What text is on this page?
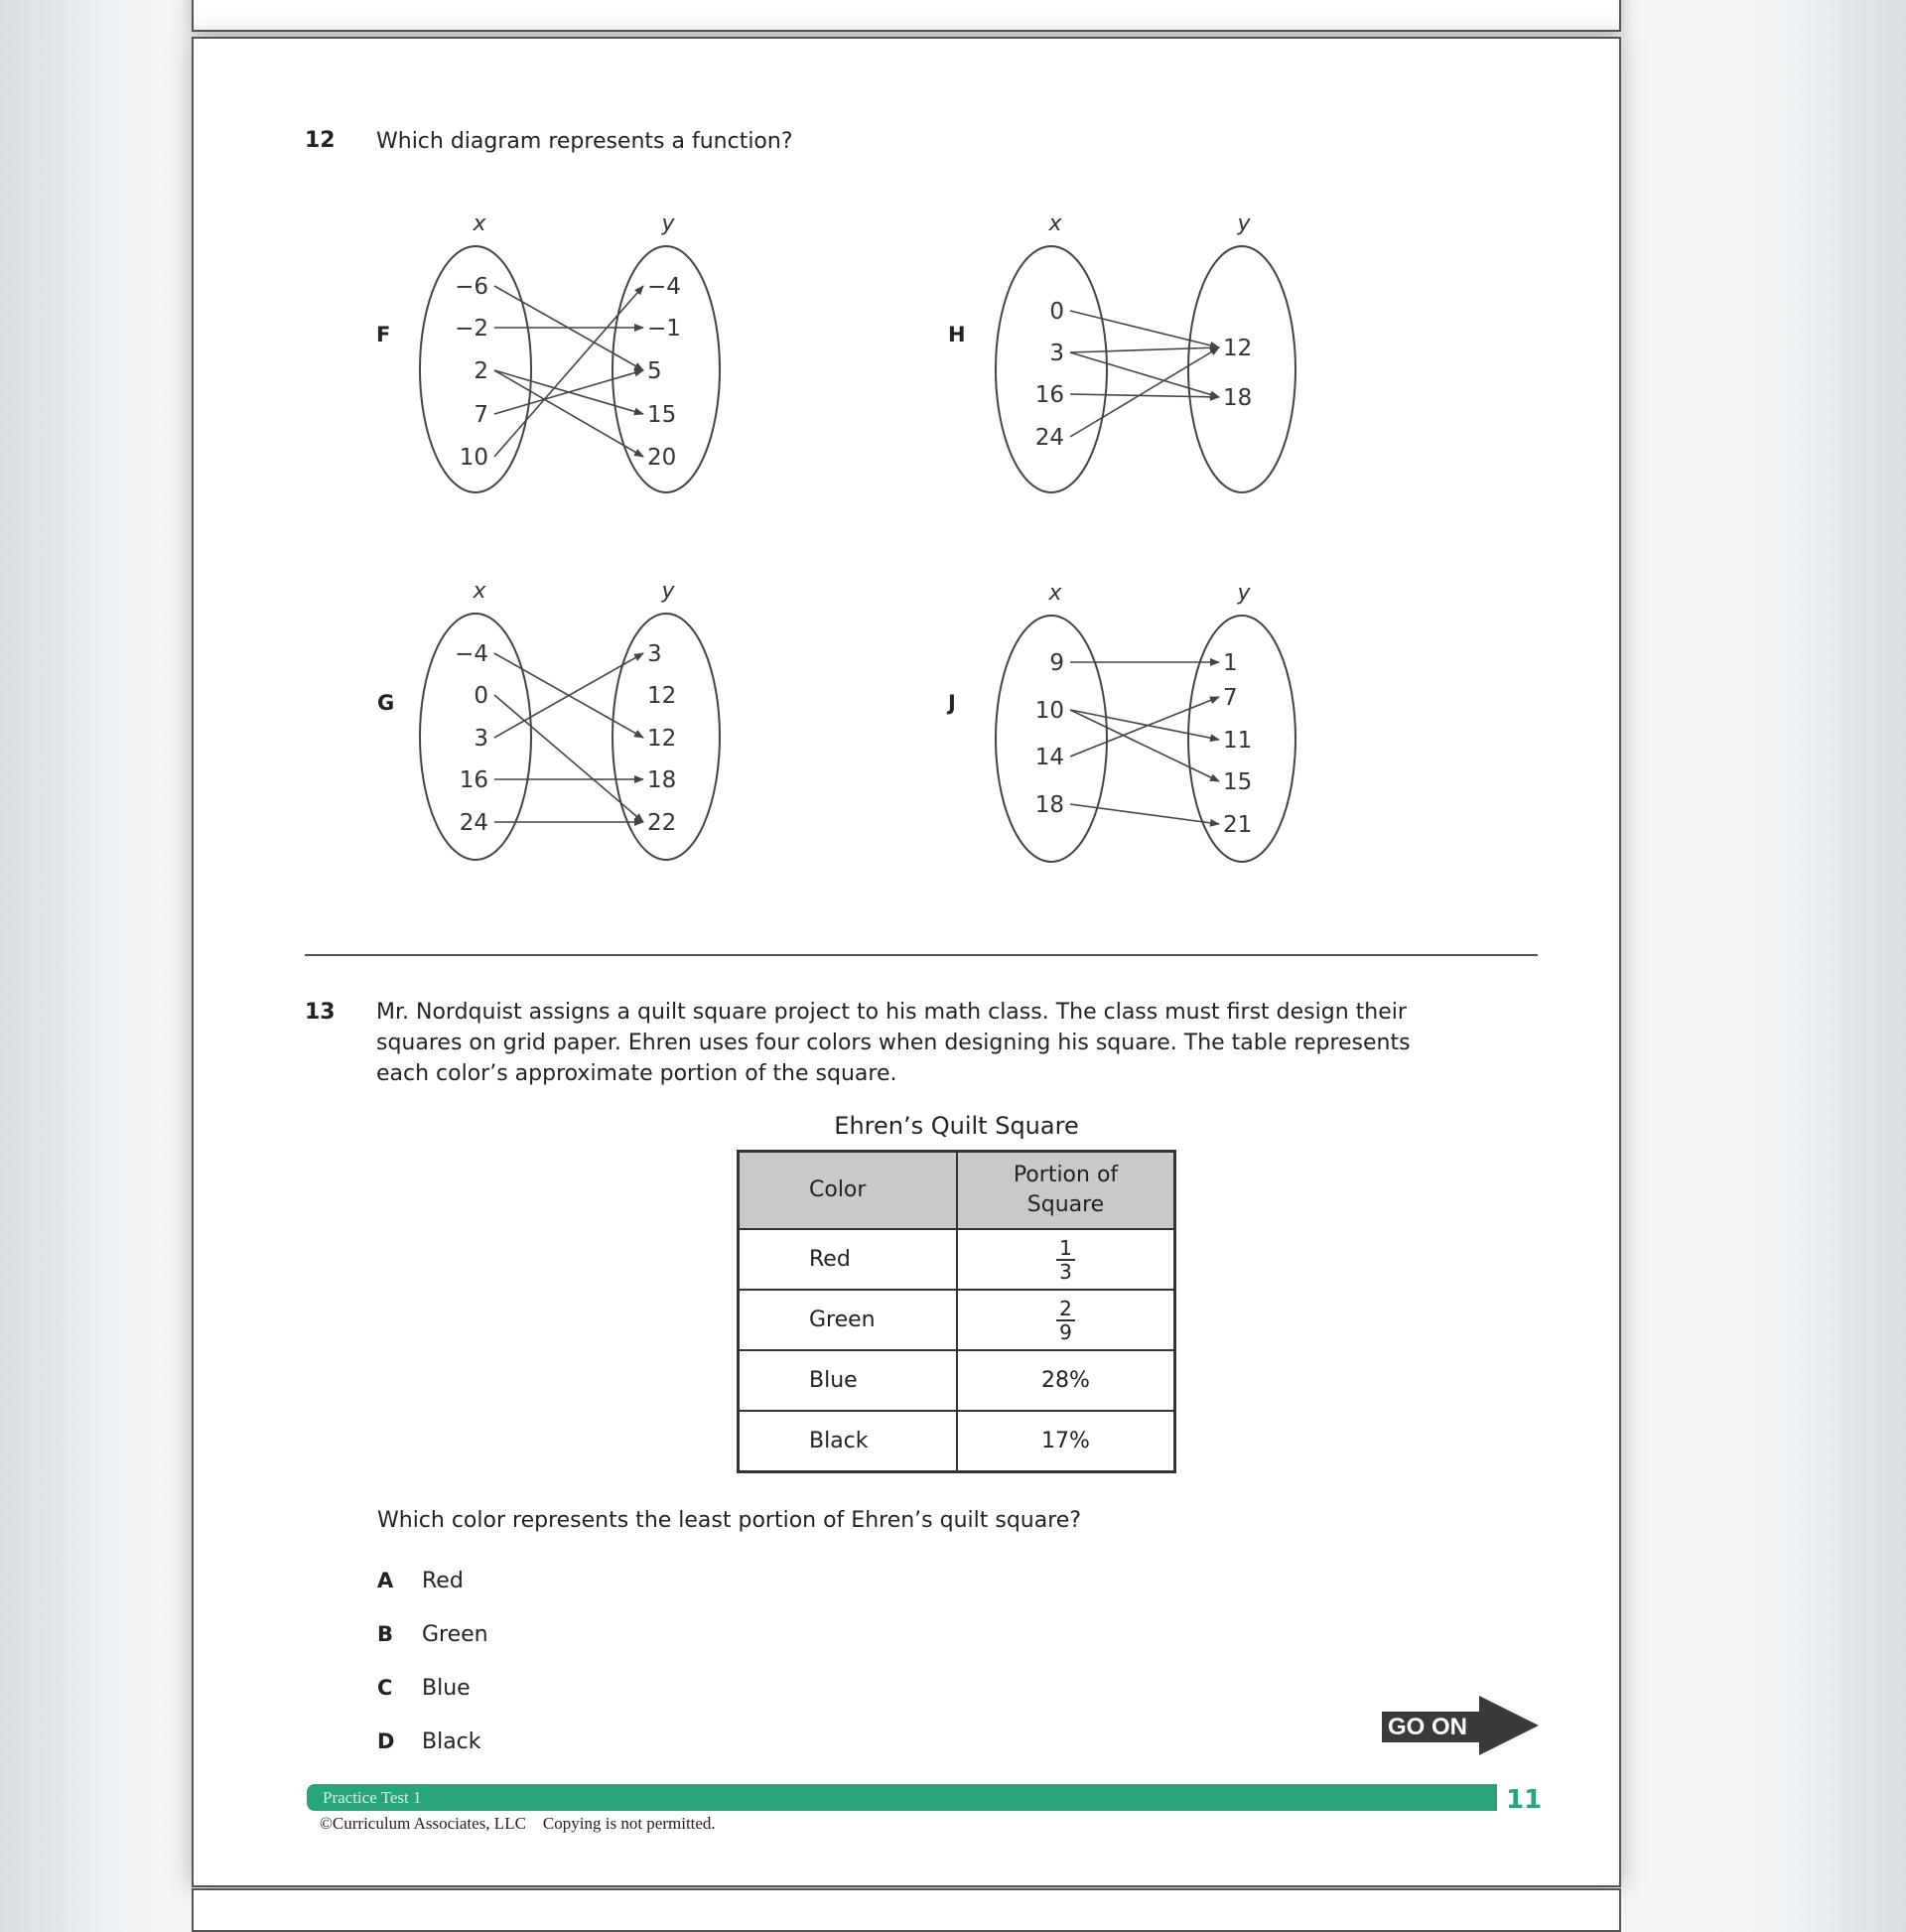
12 Which diagram represents a function?
F	H
G	J
x	y
−6
−2
2
7
10
−4
−1
5
15
20
x	y
0
3
16
24
12
18
x	y
−4
0
3
16
24
3
12
12
18
22
x	y
9
10
14
18
1
7
11
15
21
13 Mr. Nordquist assigns a quilt square project to his math class. The class must first design their
squares on grid paper. Ehren uses four colors when designing his square. The table represents
each color’s approximate portion of the square.
Ehren’s Quilt Square
Color	Portion of
Square
Red	$\frac{1}{3}$

Green	$\frac{2}{9}$

Blue	28%
Black	17%
Which color represents the least portion of Ehren’s quilt square?
A Red
B Green
C Blue
D Black
GO ON
Practice Test 1	11
©Curriculum Associates, LLC    Copying is not permitted.
